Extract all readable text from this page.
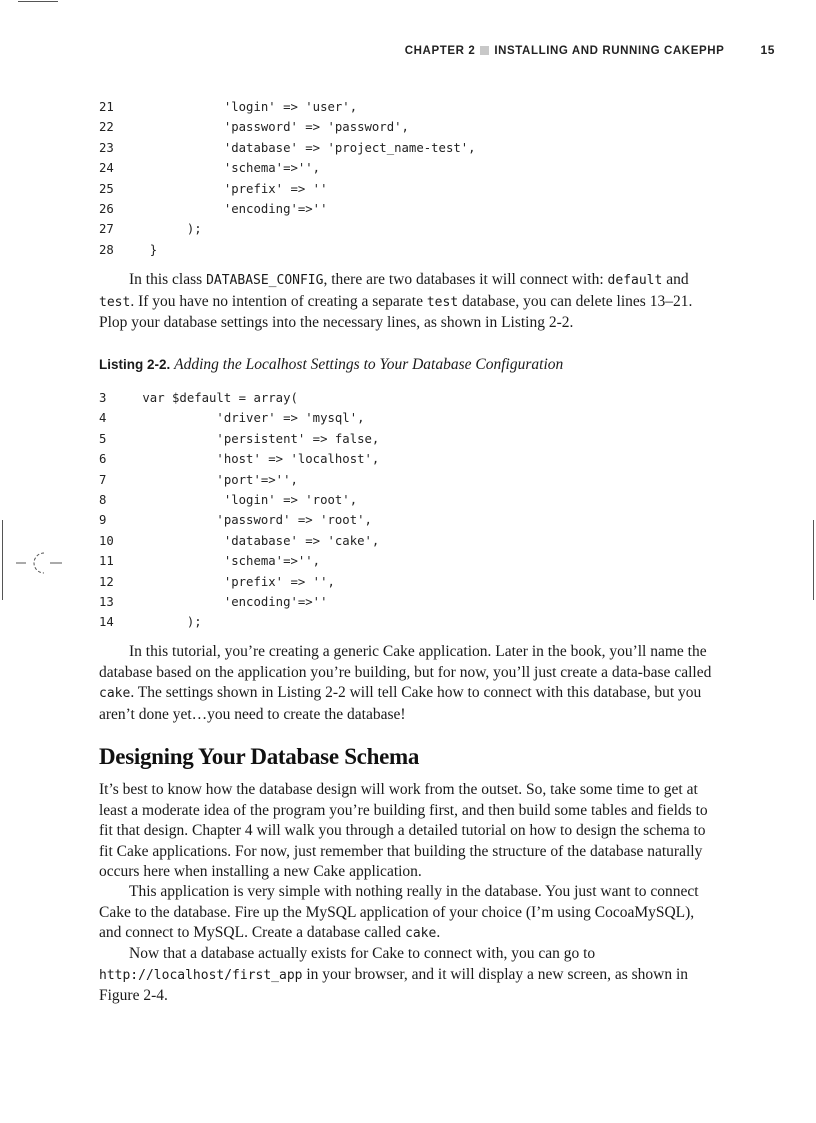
CHAPTER 2 INSTALLING AND RUNNING CAKEPHP	15
21            'login' => 'user',
22            'password' => 'password',
23            'database' => 'project_name-test',
24            'schema'=>'',
25            'prefix' => ''
26            'encoding'=>''
27       );
28  }

In this class DATABASE_CONFIG, there are two databases it will connect with: default and test. If you have no intention of creating a separate test database, you can delete lines 13–21. Plop your database settings into the necessary lines, as shown in Listing 2-2.

Listing 2-2. Adding the Localhost Settings to Your Database Configuration
3 var $default = array(
4           'driver' => 'mysql',
5           'persistent' => false,
6           'host' => 'localhost',
7           'port'=>'',
8            'login' => 'root',
9           'password' => 'root',
10            'database' => 'cake',
11            'schema'=>'',
12            'prefix' => '',
13            'encoding'=>''
14       );

In this tutorial, you’re creating a generic Cake application. Later in the book, you’ll name the database based on the application you’re building, but for now, you’ll just create a data-base called cake. The settings shown in Listing 2-2 will tell Cake how to connect with this database, but you aren’t done yet…you need to create the database!

Designing Your Database Schema

It’s best to know how the database design will work from the outset. So, take some time to get at least a moderate idea of the program you’re building first, and then build some tables and fields to fit that design. Chapter 4 will walk you through a detailed tutorial on how to design the schema to fit Cake applications. For now, just remember that building the structure of the database naturally occurs here when installing a new Cake application.

This application is very simple with nothing really in the database. You just want to connect Cake to the database. Fire up the MySQL application of your choice (I’m using CocoaMySQL), and connect to MySQL. Create a database called cake.

Now that a database actually exists for Cake to connect with, you can go to http://localhost/first_app in your browser, and it will display a new screen, as shown in Figure 2-4.
